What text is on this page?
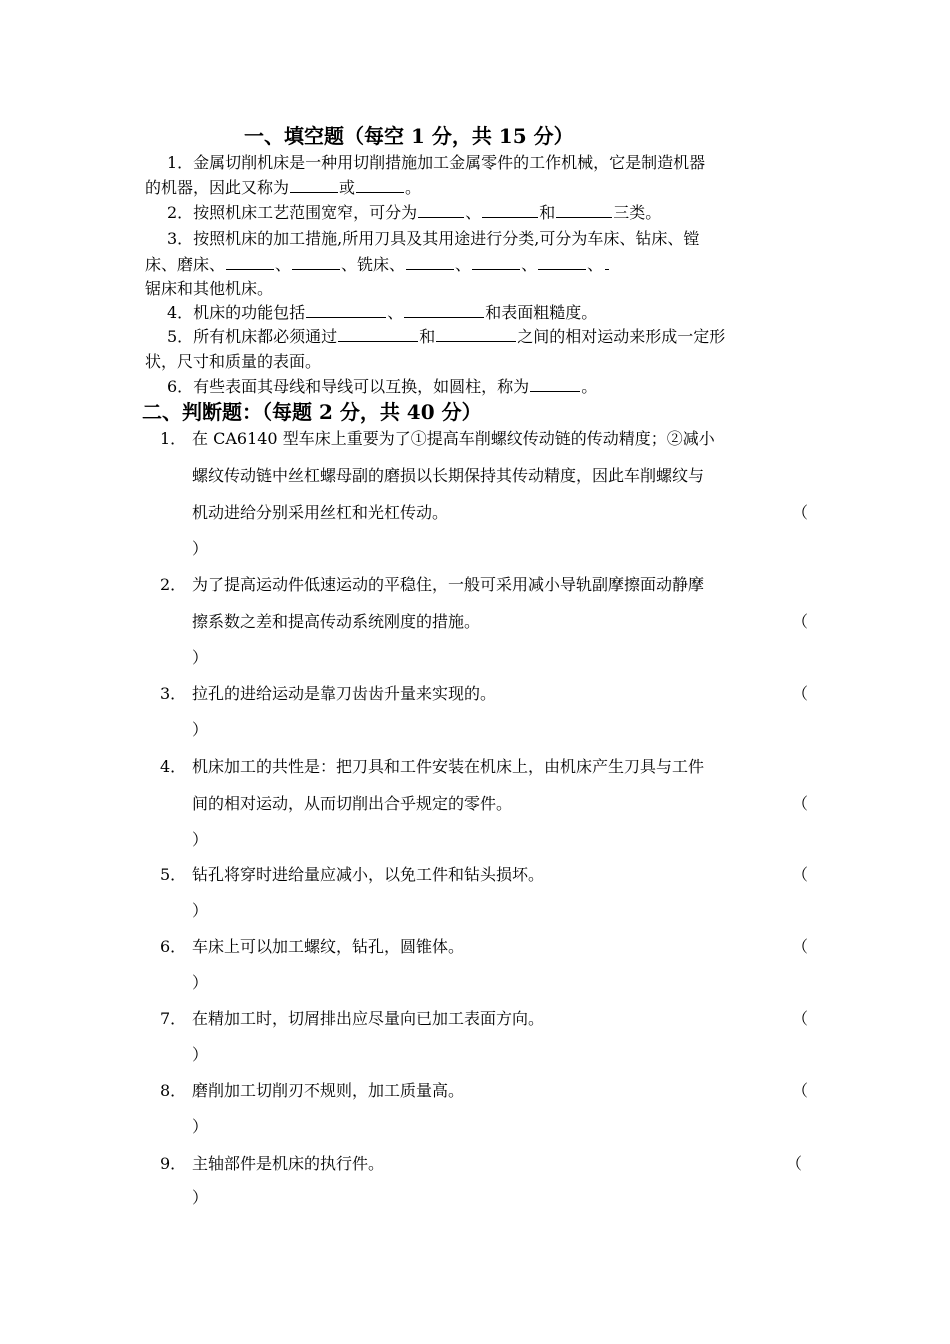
一、填空题（每空 1 分，共 15 分）
1．金属切削机床是一种用切削措施加工金属零件的工作机械，它是制造机器
的机器，因此又称为	或	。
2．按照机床工艺范围宽窄，可分为	、	和	三类。
3．按照机床的加工措施,所用刀具及其用途进行分类,可分为车床、钻床、镗
床、磨床、	、	、铣床、	、	、	、
锯床和其他机床。
4．机床的功能包括	、	和表面粗糙度。
5．所有机床都必须通过	和	之间的相对运动来形成一定形
状，尺寸和质量的表面。
6．有些表面其母线和导线可以互换，如圆柱，称为	。
二、判断题：（每题 2 分，共 40 分）
1． 在 CA6140 型车床上重要为了①提高车削螺纹传动链的传动精度；②减小
螺纹传动链中丝杠螺母副的磨损以长期保持其传动精度，因此车削螺纹与
机动进给分别采用丝杠和光杠传动。	（
）
2． 为了提高运动件低速运动的平稳住，一般可采用减小导轨副摩擦面动静摩
擦系数之差和提高传动系统刚度的措施。	（
）
3． 拉孔的进给运动是靠刀齿齿升量来实现的。	（
）
4． 机床加工的共性是：把刀具和工件安装在机床上，由机床产生刀具与工件
间的相对运动，从而切削出合乎规定的零件。	（
）
5． 钻孔将穿时进给量应减小，以免工件和钻头损坏。	（
）
6． 车床上可以加工螺纹，钻孔，圆锥体。	（
）
7． 在精加工时，切屑排出应尽量向已加工表面方向。	（
）
8． 磨削加工切削刃不规则，加工质量高。	（
）
9． 主轴部件是机床的执行件。	（
）
